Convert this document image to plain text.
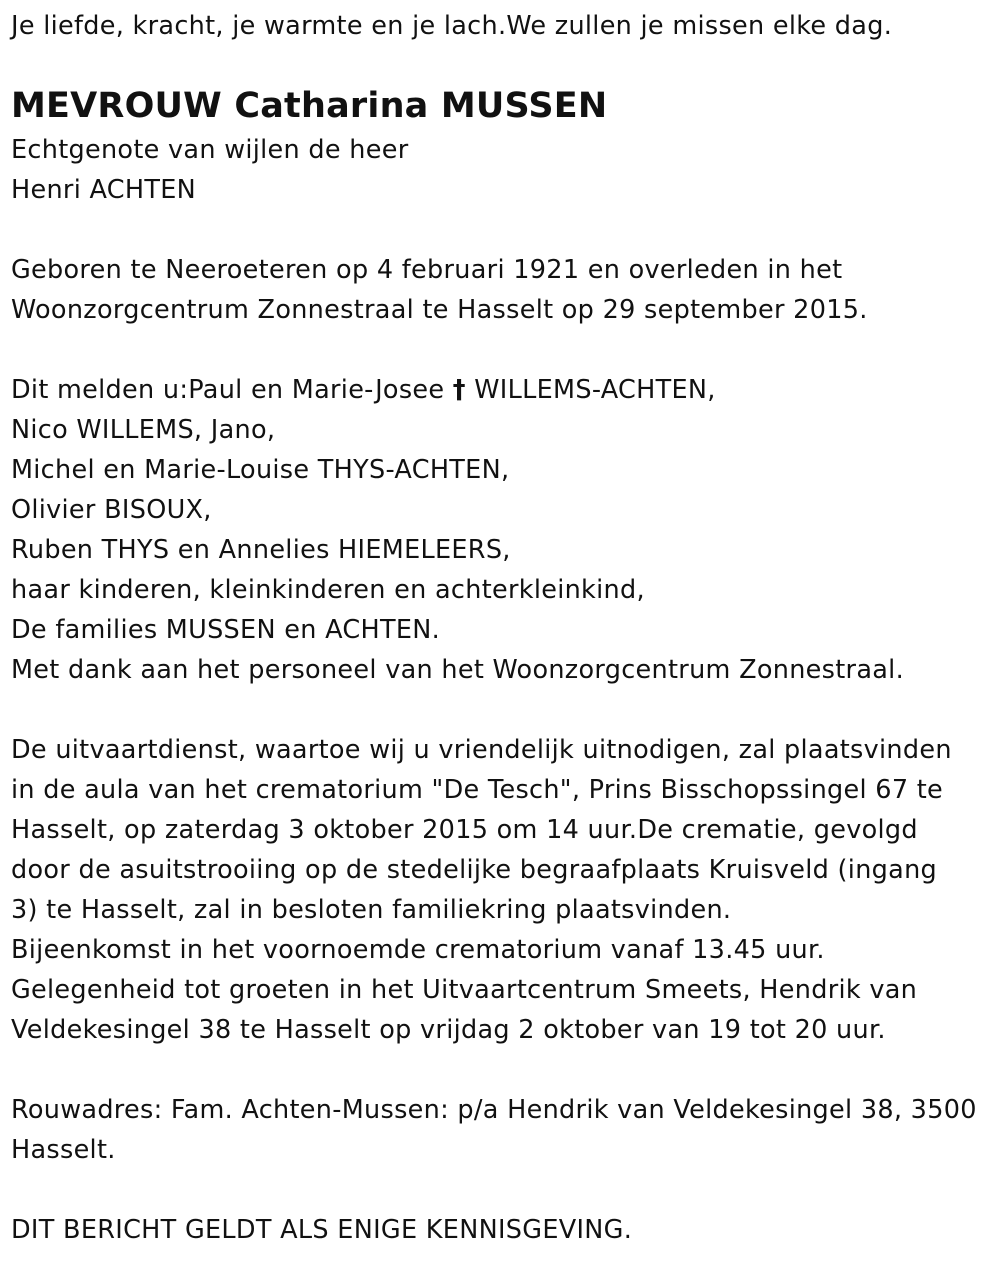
Je liefde, kracht, je warmte en je lach.We zullen je missen elke dag.
MEVROUW Catharina MUSSEN
Echtgenote van wijlen de heer
Henri ACHTEN
Geboren te Neeroeteren op 4 februari 1921 en overleden in het
Woonzorgcentrum Zonnestraal te Hasselt op 29 september 2015.
Dit melden u:Paul en Marie-Josee † WILLEMS-ACHTEN,
Nico WILLEMS, Jano,
Michel en Marie-Louise THYS-ACHTEN,
Olivier BISOUX,
Ruben THYS en Annelies HIEMELEERS,
haar kinderen, kleinkinderen en achterkleinkind,
De families MUSSEN en ACHTEN.
Met dank aan het personeel van het Woonzorgcentrum Zonnestraal.
De uitvaartdienst, waartoe wij u vriendelijk uitnodigen, zal plaatsvinden
in de aula van het crematorium "De Tesch", Prins Bisschopssingel 67 te
Hasselt, op zaterdag 3 oktober 2015 om 14 uur.De crematie, gevolgd
door de asuitstrooiing op de stedelijke begraafplaats Kruisveld (ingang
3) te Hasselt, zal in besloten familiekring plaatsvinden.
Bijeenkomst in het voornoemde crematorium vanaf 13.45 uur.
Gelegenheid tot groeten in het Uitvaartcentrum Smeets, Hendrik van
Veldekesingel 38 te Hasselt op vrijdag 2 oktober van 19 tot 20 uur.
Rouwadres: Fam. Achten-Mussen: p/a Hendrik van Veldekesingel 38, 3500
Hasselt.
DIT BERICHT GELDT ALS ENIGE KENNISGEVING.
